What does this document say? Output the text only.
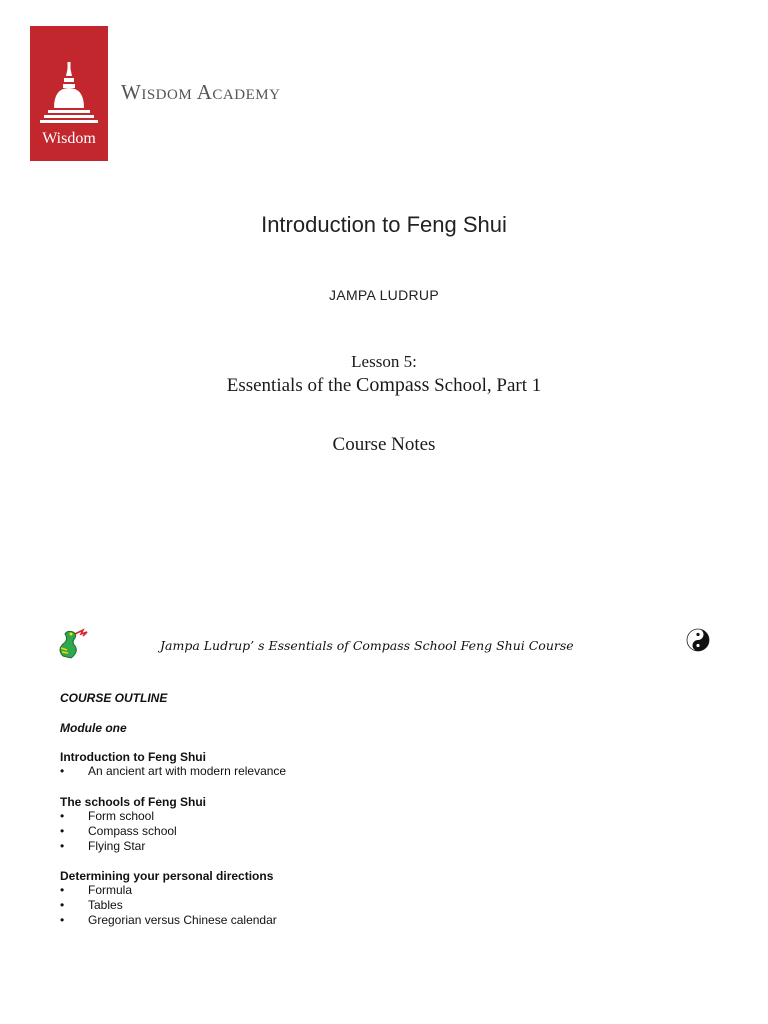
Wisdom
Wisdom Academy
Introduction to Feng Shui
JAMPA LUDRUP
Lesson 5:
Essentials of the Compass School, Part 1
Course Notes
Jampa Ludrup’ s Essentials of Compass School Feng Shui Course
COURSE OUTLINE
Module one
Introduction to Feng Shui
• An ancient art with modern relevance
The schools of Feng Shui
• Form school
• Compass school
• Flying Star
Determining your personal directions
• Formula
• Tables
• Gregorian versus Chinese calendar
